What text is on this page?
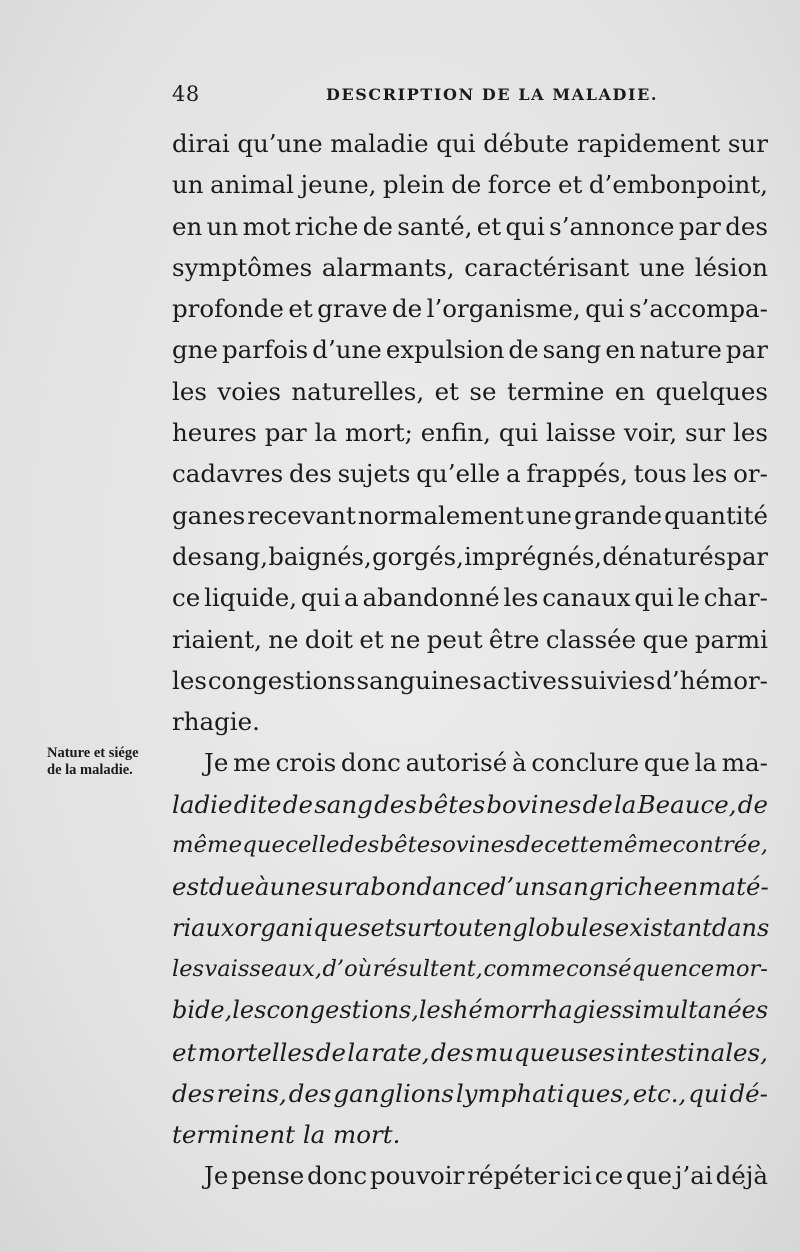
48	DESCRIPTION DE LA MALADIE.
Nature et siége
de la maladie.
dirai qu’une maladie qui débute rapidement sur
un animal jeune, plein de force et d’embonpoint,
en un mot riche de santé, et qui s’annonce par des
symptômes alarmants, caractérisant une lésion
profonde et grave de l’organisme, qui s’accompa-
gne parfois d’une expulsion de sang en nature par
les voies naturelles, et se termine en quelques
heures par la mort; enfin, qui laisse voir, sur les
cadavres des sujets qu’elle a frappés, tous les or-
ganes recevant normalement une grande quantité
de sang, baignés, gorgés, imprégnés, dénaturés par
ce liquide, qui a abandonné les canaux qui le char-
riaient, ne doit et ne peut être classée que parmi
les congestions sanguines actives suivies d’hémor-
rhagie.
Je me crois donc autorisé à conclure que la ma-
ladie dite de sang des bêtes bovines de la Beauce, de
même que celle des bêtes ovines de cette même contrée,
est due à une surabondance d’un sang riche en maté-
riaux organiques et surtout en globules existant dans
les vaisseaux, d’où résultent, comme conséquence mor-
bide, les congestions, les hémorrhagies simultanées
et mortelles de la rate, des muqueuses intestinales,
des reins, des ganglions lymphatiques, etc., qui dé-
terminent la mort.
Je pense donc pouvoir répéter ici ce que j’ai déjà
